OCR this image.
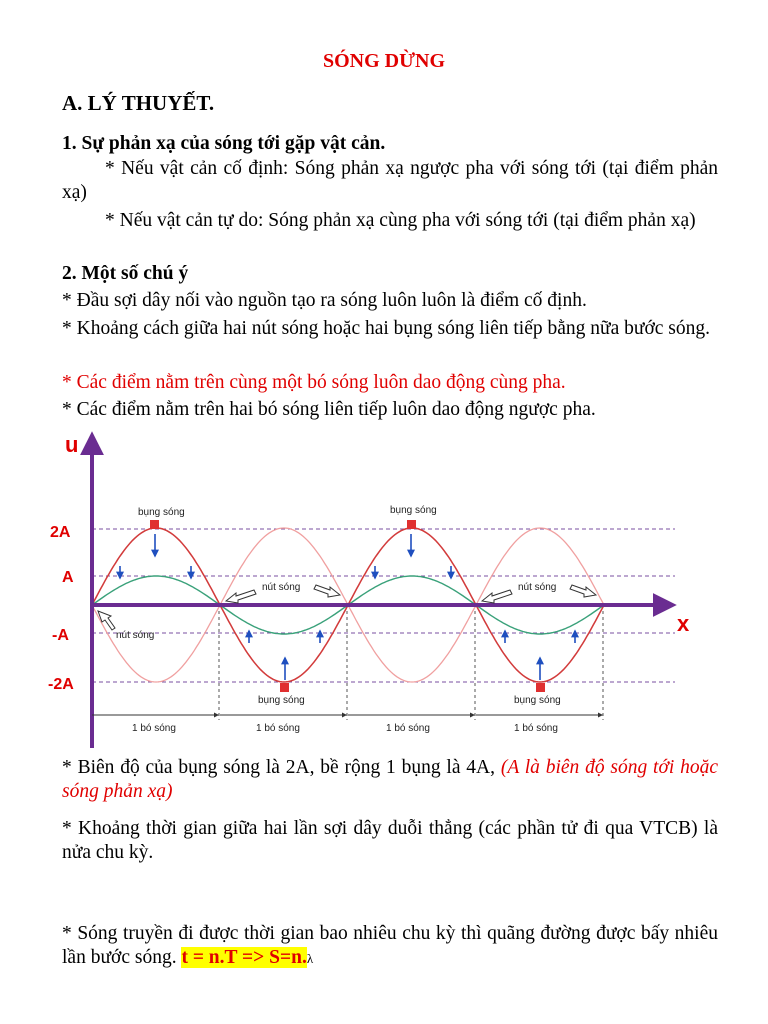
SÓNG DỪNG
A. LÝ THUYẾT.
1. Sự phản xạ của sóng tới gặp vật cản.
* Nếu vật cản cố định: Sóng phản xạ ngược pha với sóng tới (tại điểm phản xạ)
* Nếu vật cản tự do: Sóng phản xạ cùng pha với sóng tới (tại điểm phản xạ)
2. Một số chú ý
* Đầu sợi dây nối vào nguồn tạo ra sóng luôn luôn là điểm cố định.
* Khoảng cách giữa hai nút sóng hoặc hai bụng sóng liên tiếp bằng nữa bước sóng.
* Các điểm nằm trên cùng một bó sóng luôn dao động cùng pha.
* Các điểm nằm trên hai bó sóng liên tiếp luôn dao động ngược pha.
u
x
2A
A
-A
-2A
bụng sóng	bụng sóng
bụng sóng	bụng sóng
nút sóng	nút sóng
nút sóng
1 bó sóng	1 bó sóng	1 bó sóng	1 bó sóng
* Biên độ của bụng sóng là 2A, bề rộng 1 bụng là 4A, (A là biên độ sóng tới hoặc sóng phản xạ)
* Khoảng thời gian giữa hai lần sợi dây duỗi thẳng (các phần tử đi qua VTCB) là nửa chu kỳ.
* Sóng truyền đi được thời gian bao nhiêu chu kỳ thì quãng đường được bấy nhiêu lần bước sóng. t = n.T => S=n.λ
